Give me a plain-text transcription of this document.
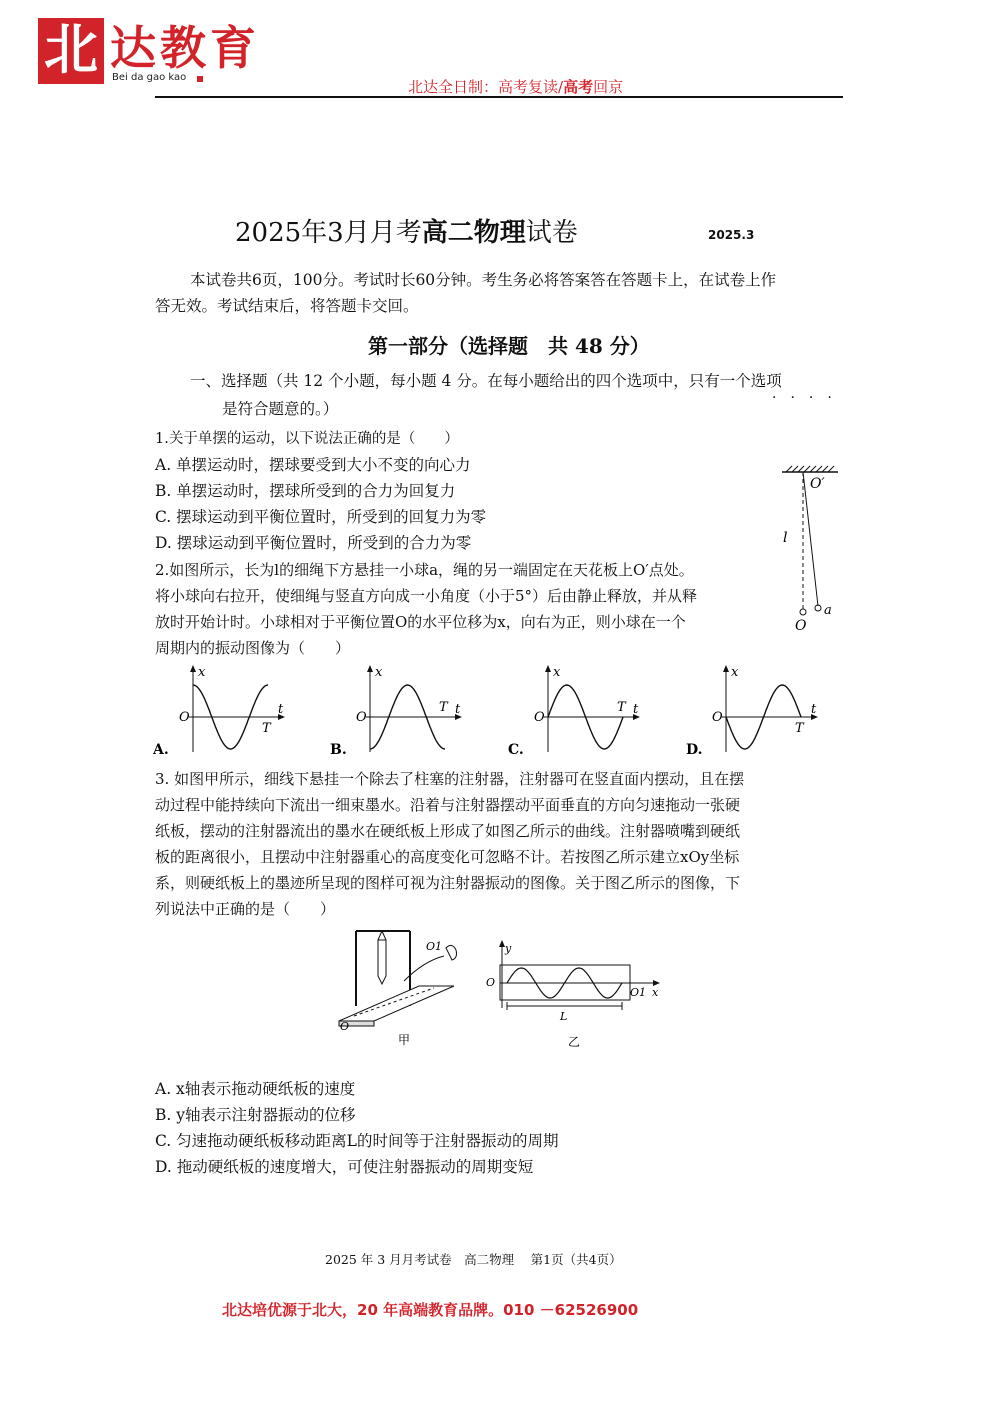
北 达教育
Bei da gao kao
北达全日制：高考复读/高考回京
2025年3月月考高二物理试卷	2025.3
本试卷共6页，100分。考试时长60分钟。考生务必将答案答在答题卡上，在试卷上作
答无效。考试结束后，将答题卡交回。
第一部分（选择题　共 48 分）
一、选择题（共 12 个小题，每小题 4 分。在每小题给出的四个选项中，只有一个选项
是符合题意的。）
····
1.关于单摆的运动，以下说法正确的是（　　）
A. 单摆运动时，摆球要受到大小不变的向心力
B. 单摆运动时，摆球所受到的合力为回复力
C. 摆球运动到平衡位置时，所受到的回复力为零
D. 摆球运动到平衡位置时，所受到的合力为零
2.如图所示，长为l的细绳下方悬挂一小球a，绳的另一端固定在天花板上O′点处。
将小球向右拉开，使细绳与竖直方向成一小角度（小于5°）后由静止释放，并从释
放时开始计时。小球相对于平衡位置O的水平位移为x，向右为正，则小球在一个
周期内的振动图像为（　　）
O′
l
O
a
x
O
t
T
A.
x
O
t
T
B.
x
O
t
T
C.
x
O
t
T
D.
3. 如图甲所示，细线下悬挂一个除去了柱塞的注射器，注射器可在竖直面内摆动，且在摆
动过程中能持续向下流出一细束墨水。沿着与注射器摆动平面垂直的方向匀速拖动一张硬
纸板，摆动的注射器流出的墨水在硬纸板上形成了如图乙所示的曲线。注射器喷嘴到硬纸
板的距离很小，且摆动中注射器重心的高度变化可忽略不计。若按图乙所示建立xOy坐标
系，则硬纸板上的墨迹所呈现的图样可视为注射器振动的图像。关于图乙所示的图像，下
列说法中正确的是（　　）
O
O1
甲
y
O
O1 x
L
乙
A. x轴表示拖动硬纸板的速度
B. y轴表示注射器振动的位移
C. 匀速拖动硬纸板移动距离L的时间等于注射器振动的周期
D. 拖动硬纸板的速度增大，可使注射器振动的周期变短
2025 年 3 月月考试卷　高二物理　 第1页（共4页）
北达培优源于北大，20 年高端教育品牌。010 －62526900
